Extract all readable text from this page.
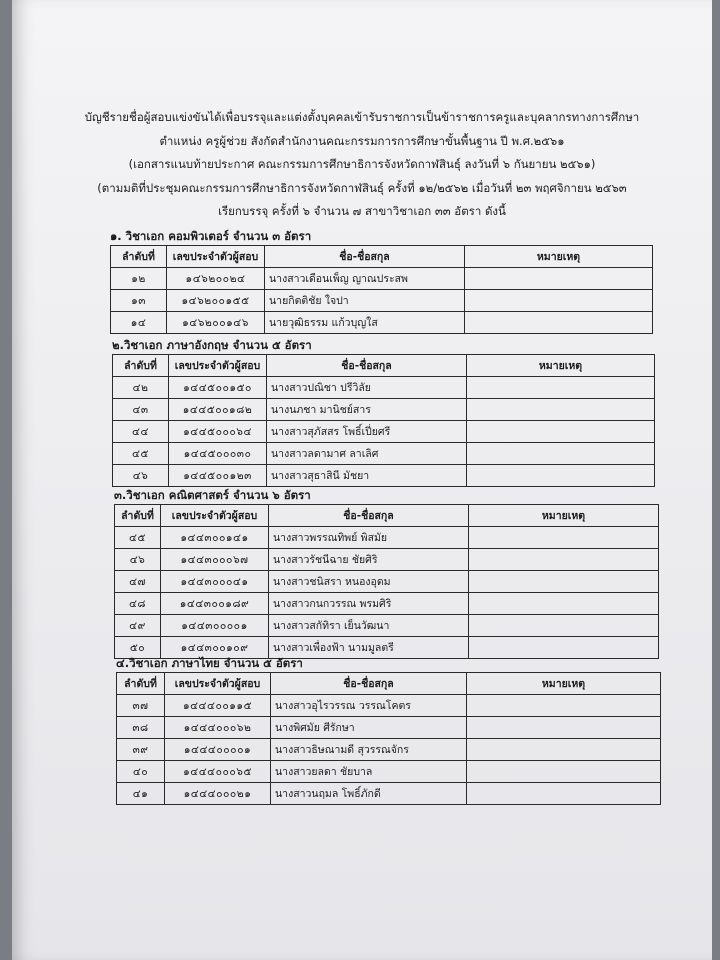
บัญชีรายชื่อผู้สอบแข่งขันได้เพื่อบรรจุและแต่งตั้งบุคคลเข้ารับราชการเป็นข้าราชการครูและบุคลากรทางการศึกษา
ตำแหน่ง ครูผู้ช่วย สังกัดสำนักงานคณะกรรมการการศึกษาขั้นพื้นฐาน ปี พ.ศ.๒๕๖๑
(เอกสารแนบท้ายประกาศ คณะกรรมการศึกษาธิการจังหวัดกาฬสินธุ์ ลงวันที่ ๖ กันยายน ๒๕๖๑)
(ตามมติที่ประชุมคณะกรรมการศึกษาธิการจังหวัดกาฬสินธุ์ ครั้งที่ ๑๒/๒๕๖๒ เมื่อวันที่ ๒๓ พฤศจิกายน ๒๕๖๓
เรียกบรรจุ ครั้งที่ ๖ จำนวน ๗ สาขาวิชาเอก ๓๓ อัตรา ดังนี้
๑. วิชาเอก คอมพิวเตอร์ จำนวน ๓ อัตรา
ลำดับที่	เลขประจำตัวผู้สอบ	ชื่อ-ชื่อสกุล	หมายเหตุ
๑๒	๑๔๖๒๐๐๒๔	นางสาวเดือนเพ็ญ ญาณประสพ	
๑๓	๑๔๖๒๐๐๑๕๕	นายกิตติชัย ใจปา	
๑๔	๑๔๖๒๐๐๑๔๖	นายวุฒิธรรม แก้วบุญใส	
๒.วิชาเอก ภาษาอังกฤษ จำนวน ๕ อัตรา
ลำดับที่	เลขประจำตัวผู้สอบ	ชื่อ-ชื่อสกุล	หมายเหตุ
๔๒	๑๔๔๕๐๐๑๕๐	นางสาวปณิชา ปรีวิลัย	
๔๓	๑๔๔๕๐๐๑๘๒	นางนภชา มานิชย์สาร	
๔๔	๑๔๔๕๐๐๐๖๔	นางสาวสุภัสสร โพธิ์เปี่ยศรี	
๔๕	๑๔๔๕๐๐๐๓๐	นางสาวลดามาศ ลาเลิศ	
๔๖	๑๔๔๕๐๐๑๒๓	นางสาวสุธาสินี มัชยา	
๓.วิชาเอก คณิตศาสตร์ จำนวน ๖ อัตรา
ลำดับที่	เลขประจำตัวผู้สอบ	ชื่อ-ชื่อสกุล	หมายเหตุ
๔๕	๑๔๔๓๐๐๑๔๑	นางสาวพรรณทิพย์ พิสมัย	
๔๖	๑๔๔๓๐๐๐๖๗	นางสาวรัชนีฉาย ชัยศิริ	
๔๗	๑๔๔๓๐๐๐๔๑	นางสาวชนิสรา หนองอุดม	
๔๘	๑๔๔๓๐๐๑๘๙	นางสาวกนกวรรณ พรมศิริ	
๔๙	๑๔๔๓๐๐๐๐๑	นางสาวสกัทิรา เย็นวัฒนา	
๕๐	๑๔๔๓๐๐๑๐๙	นางสาวเพื่องฟ้า นามมูลตรี	
๔.วิชาเอก ภาษาไทย จำนวน ๕ อัตรา
ลำดับที่	เลขประจำตัวผู้สอบ	ชื่อ-ชื่อสกุล	หมายเหตุ
๓๗	๑๔๔๔๐๐๑๑๕	นางสาวอุไรวรรณ วรรณโคตร	
๓๘	๑๔๔๔๐๐๐๖๒	นางพิศมัย ศีรักษา	
๓๙	๑๔๔๔๐๐๐๐๑	นางสาวธิษณามดี สุวรรณจักร	
๔๐	๑๔๔๔๐๐๐๖๕	นางสาวยลดา ชัยบาล	
๔๑	๑๔๔๔๐๐๐๒๑	นางสาวนฤมล โพธิ์ภักดี	
